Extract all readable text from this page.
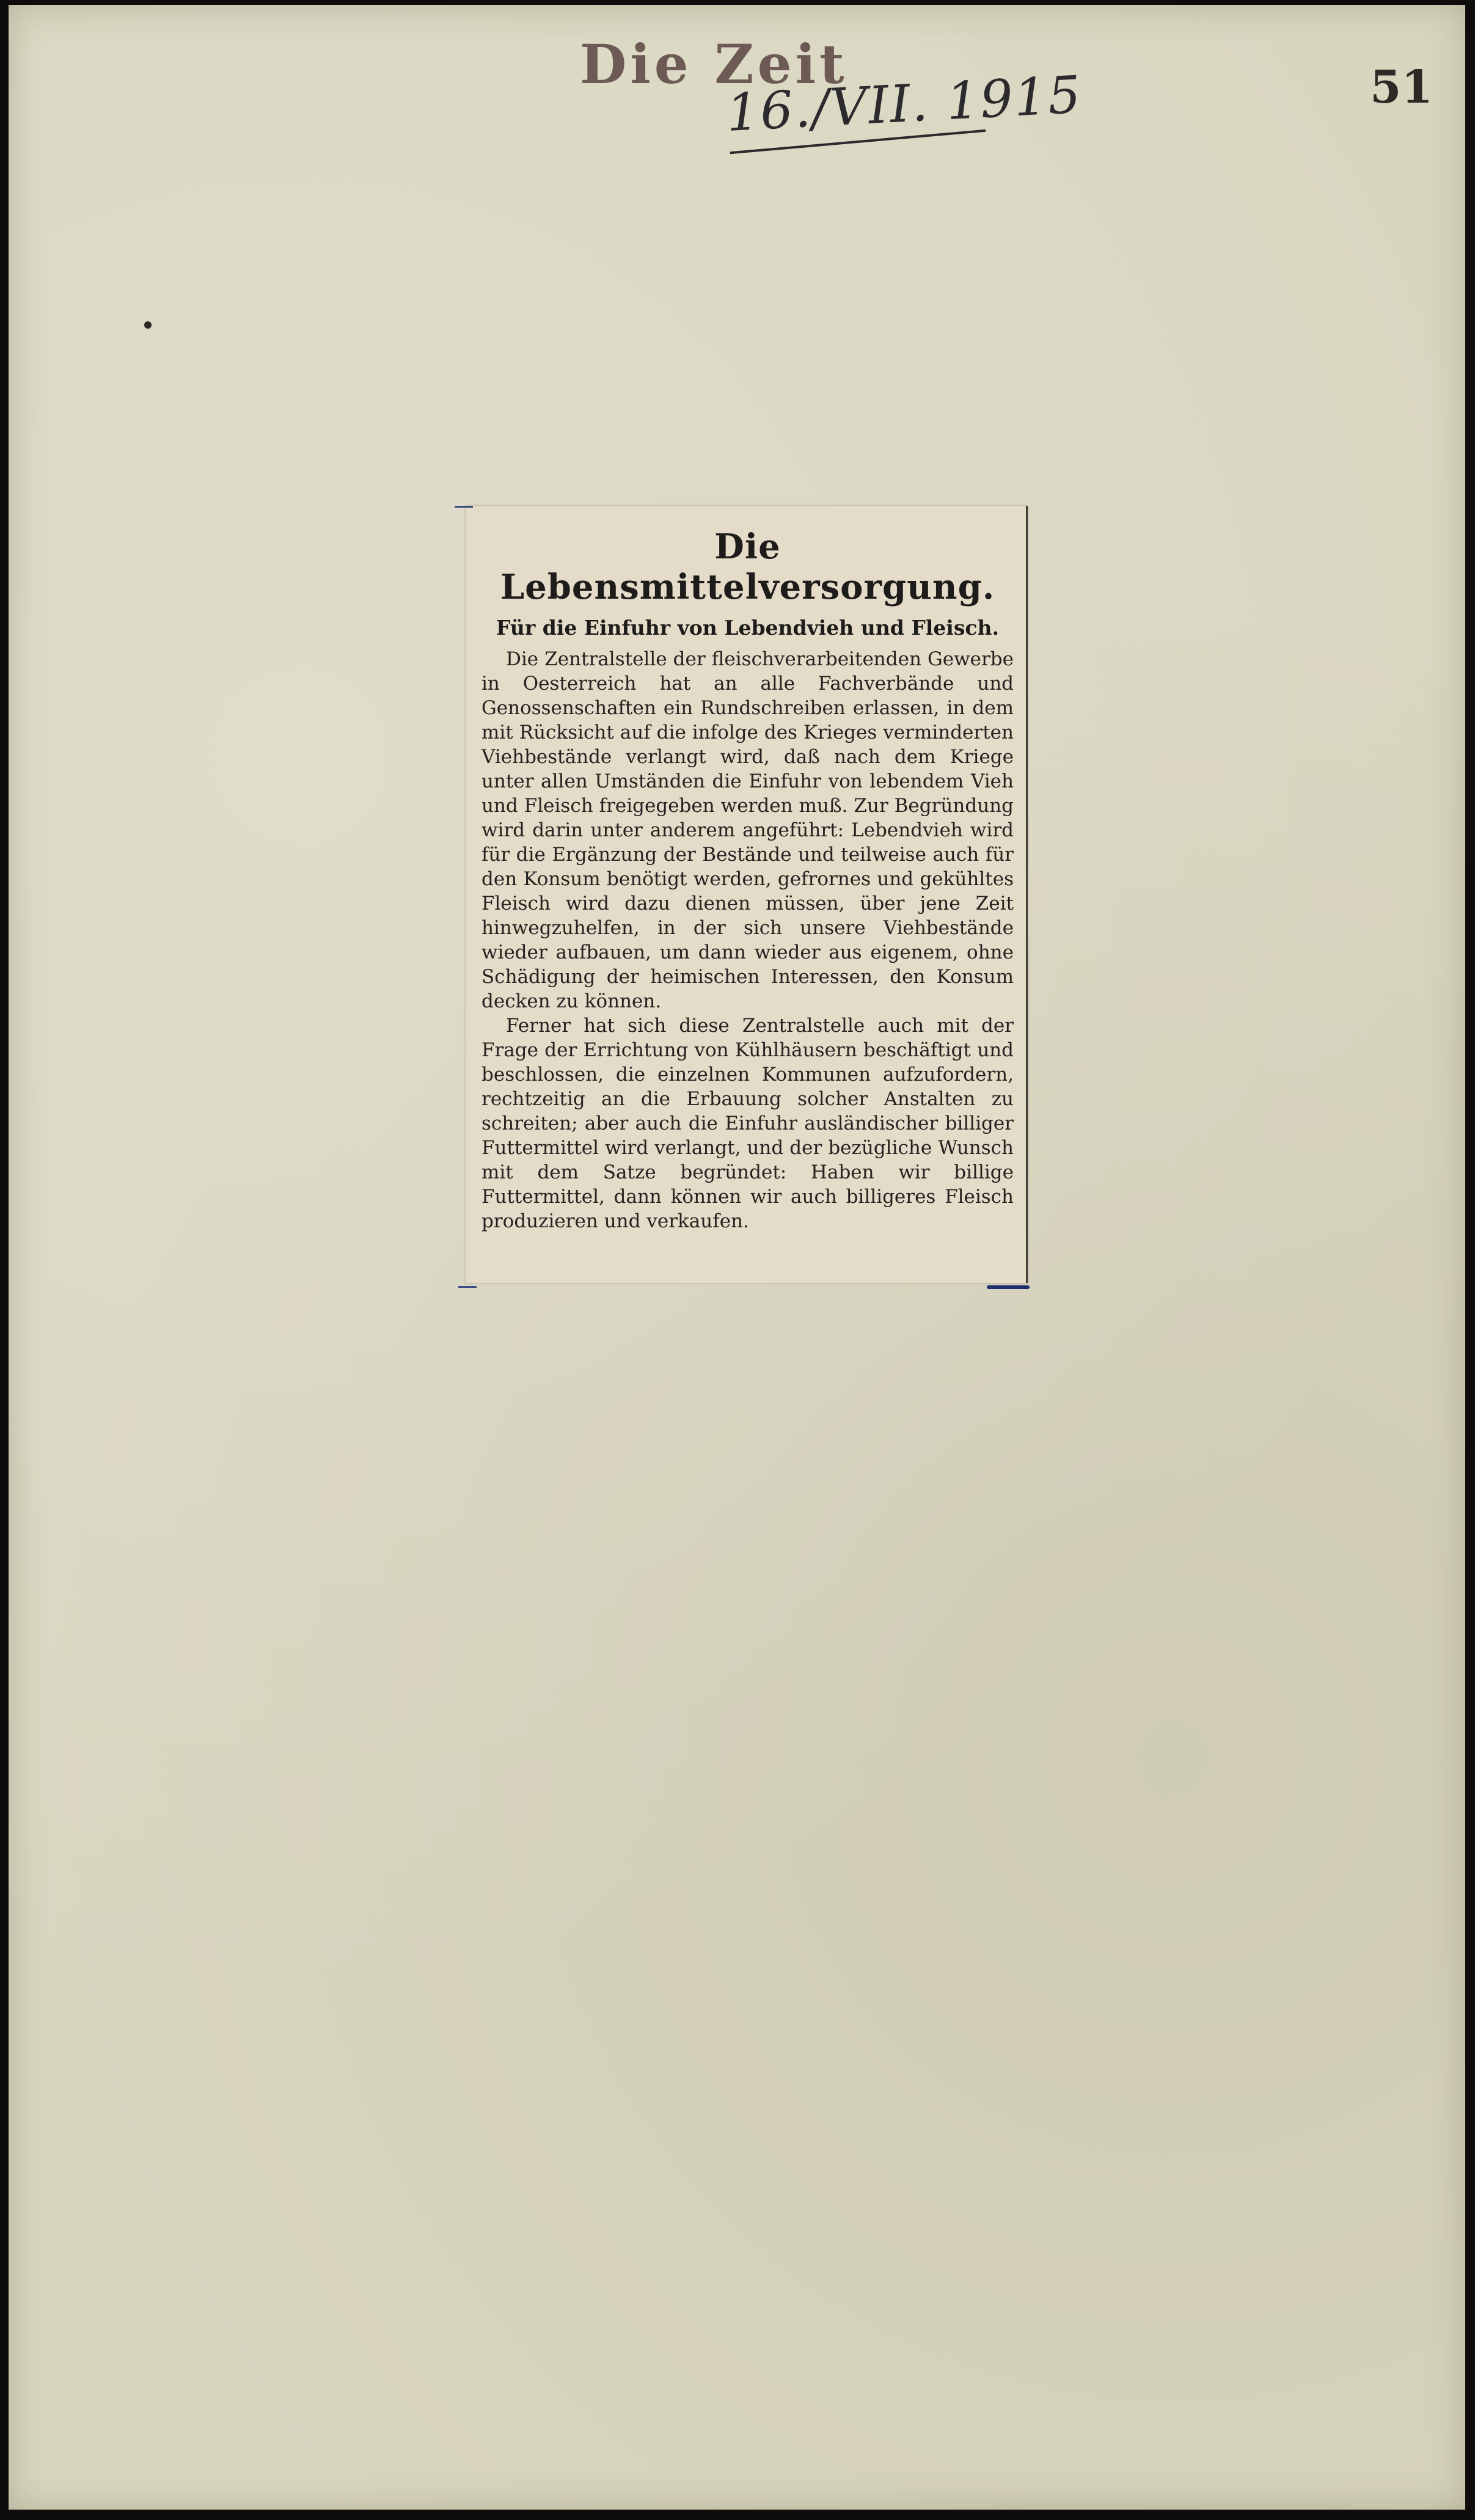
Die Zeit
16./VII. 1915	51
Die Lebensmittelversorgung.
Für die Einfuhr von Lebendvieh und Fleisch.

Die Zentralstelle der fleischverarbeitenden Gewerbe in Oesterreich hat an alle Fachverbände und Genossenschaften ein Rundschreiben erlassen, in dem mit Rücksicht auf die infolge des Krieges verminderten Viehbestände verlangt wird, daß nach dem Kriege unter allen Umständen die Einfuhr von lebendem Vieh und Fleisch freigegeben werden muß. Zur Begründung wird darin unter anderem angeführt: Lebendvieh wird für die Ergänzung der Bestände und teilweise auch für den Konsum benötigt werden, gefrornes und gekühltes Fleisch wird dazu dienen müssen, über jene Zeit hinwegzuhelfen, in der sich unsere Viehbestände wieder aufbauen, um dann wieder aus eigenem, ohne Schädigung der heimischen Interessen, den Konsum decken zu können.

Ferner hat sich diese Zentralstelle auch mit der Frage der Errichtung von Kühlhäusern beschäftigt und beschlossen, die einzelnen Kommunen aufzufordern, rechtzeitig an die Erbauung solcher Anstalten zu schreiten; aber auch die Einfuhr ausländischer billiger Futtermittel wird verlangt, und der bezügliche Wunsch mit dem Satze begründet: Haben wir billige Futtermittel, dann können wir auch billigeres Fleisch produzieren und verkaufen.
